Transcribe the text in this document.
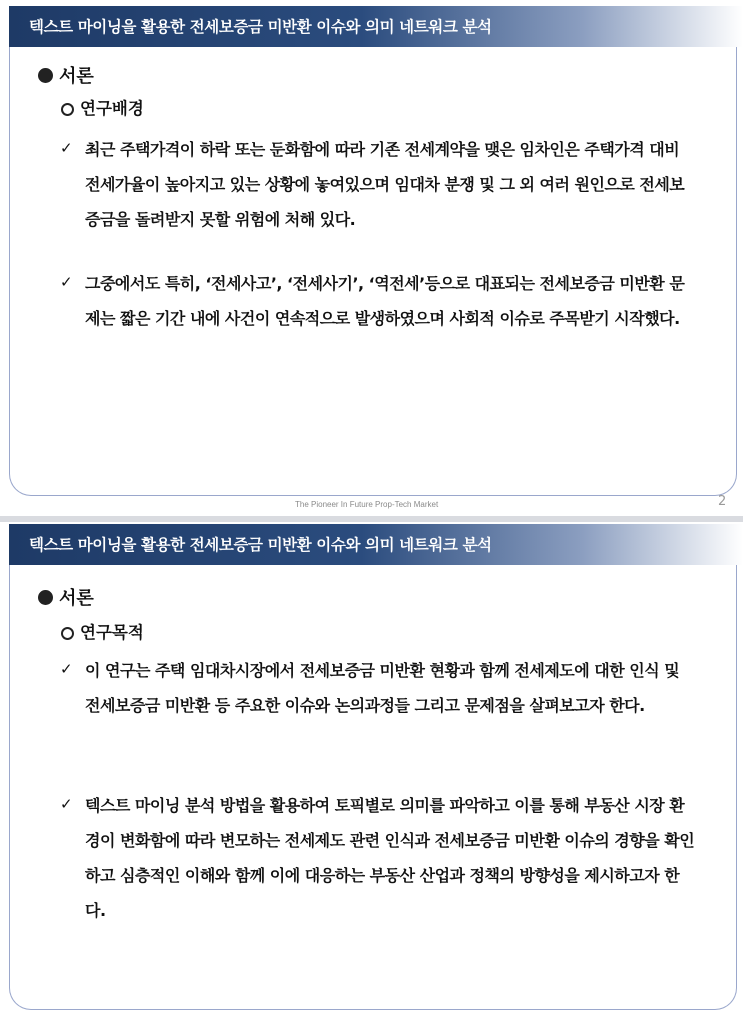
텍스트 마이닝을 활용한 전세보증금 미반환 이슈와 의미 네트워크 분석
서론
연구배경
✓ 최근 주택가격이 하락 또는 둔화함에 따라 기존 전세계약을 맺은 임차인은 주택가격 대비 전세가율이 높아지고 있는 상황에 놓여있으며 임대차 분쟁 및 그 외 여러 원인으로 전세보증금을 돌려받지 못할 위험에 처해 있다.

✓ 그중에서도 특히, ‘전세사고’, ‘전세사기’, ‘역전세’등으로 대표되는 전세보증금 미반환 문제는 짧은 기간 내에 사건이 연속적으로 발생하였으며 사회적 이슈로 주목받기 시작했다.

The Pioneer In Future Prop-Tech Market	2
텍스트 마이닝을 활용한 전세보증금 미반환 이슈와 의미 네트워크 분석
서론
연구목적
✓ 이 연구는 주택 임대차시장에서 전세보증금 미반환 현황과 함께 전세제도에 대한 인식 및 전세보증금 미반환 등 주요한 이슈와 논의과정들 그리고 문제점을 살펴보고자 한다.

✓ 텍스트 마이닝 분석 방법을 활용하여 토픽별로 의미를 파악하고 이를 통해 부동산 시장 환경이 변화함에 따라 변모하는 전세제도 관련 인식과 전세보증금 미반환 이슈의 경향을 확인하고 심층적인 이해와 함께 이에 대응하는 부동산 산업과 정책의 방향성을 제시하고자 한다.
